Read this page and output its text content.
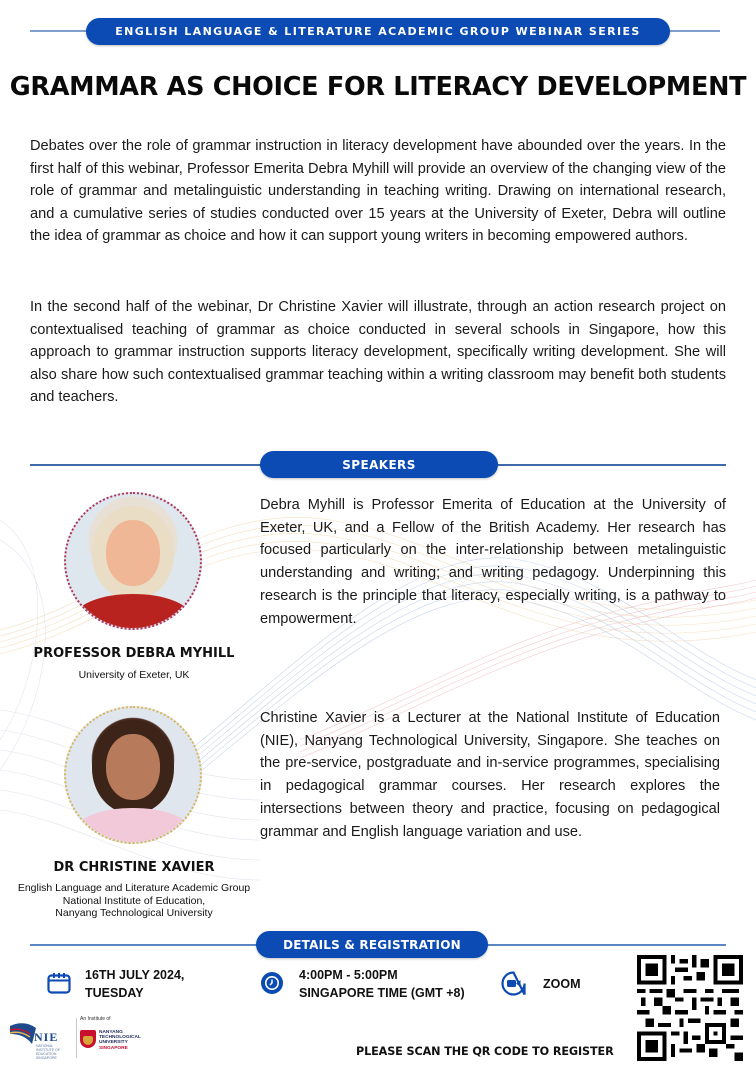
ENGLISH LANGUAGE & LITERATURE ACADEMIC GROUP WEBINAR SERIES
GRAMMAR AS CHOICE FOR LITERACY DEVELOPMENT

Debates over the role of grammar instruction in literacy development have abounded over the years. In the first half of this webinar, Professor Emerita Debra Myhill will provide an overview of the changing view of the role of grammar and metalinguistic understanding in teaching writing. Drawing on international research, and a cumulative series of studies conducted over 15 years at the University of Exeter, Debra will outline the idea of grammar as choice and how it can support young writers in becoming empowered authors.

In the second half of the webinar, Dr Christine Xavier will illustrate, through an action research project on contextualised teaching of grammar as choice conducted in several schools in Singapore, how this approach to grammar instruction supports literacy development, specifically writing development. She will also share how such contextualised grammar teaching within a writing classroom may benefit both students and teachers.

SPEAKERS
PROFESSOR DEBRA MYHILL
University of Exeter, UK

Debra Myhill is Professor Emerita of Education at the University of Exeter, UK, and a Fellow of the British Academy. Her research has focused particularly on the inter-relationship between metalinguistic understanding and writing; and writing pedagogy. Underpinning this research is the principle that literacy, especially writing, is a pathway to empowerment.

DR CHRISTINE XAVIER
English Language and Literature Academic Group
National Institute of Education,
Nanyang Technological University

Christine Xavier is a Lecturer at the National Institute of Education (NIE), Nanyang Technological University, Singapore. She teaches on the pre-service, postgraduate and in-service programmes, specialising in pedagogical grammar courses. Her research explores the intersections between theory and practice, focusing on pedagogical grammar and English language variation and use.

DETAILS & REGISTRATION
16TH JULY 2024,
TUESDAY
4:00PM - 5:00PM
SINGAPORE TIME (GMT +8)
ZOOM
NIE
NATIONAL INSTITUTE OF EDUCATION SINGAPORE
An Institute of
NANYANG
TECHNOLOGICAL
UNIVERSITY
SINGAPORE	PLEASE SCAN THE QR CODE TO REGISTER
